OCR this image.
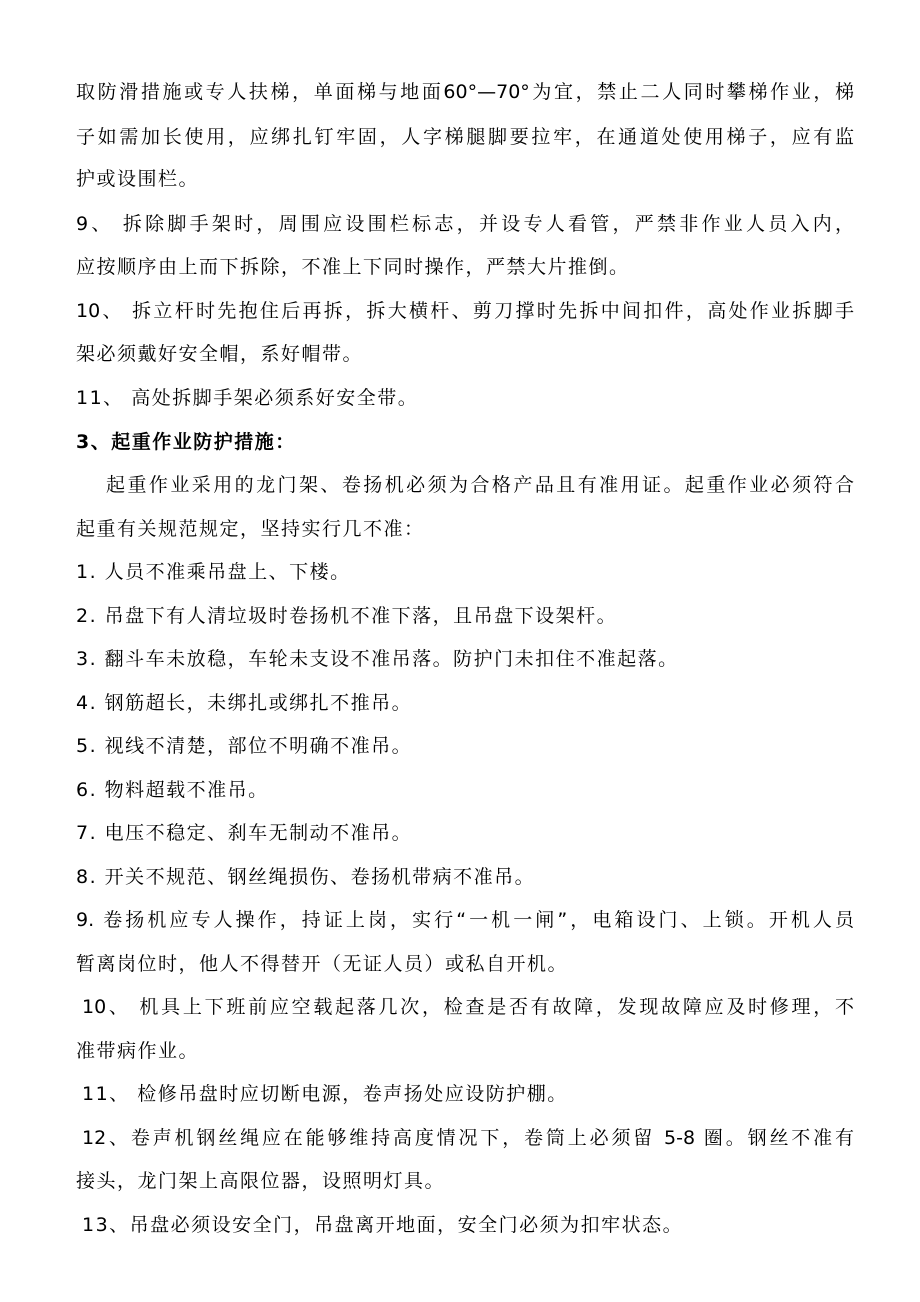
取防滑措施或专人扶梯，单面梯与地面60°—70°为宜，禁止二人同时攀梯作业，梯
子如需加长使用，应绑扎钉牢固，人字梯腿脚要拉牢，在通道处使用梯子，应有监
护或设围栏。
9、 拆除脚手架时，周围应设围栏标志，并设专人看管，严禁非作业人员入内，
应按顺序由上而下拆除，不准上下同时操作，严禁大片推倒。
10、 拆立杆时先抱住后再拆，拆大横杆、剪刀撑时先拆中间扣件，高处作业拆脚手
架必须戴好安全帽，系好帽带。
11、 高处拆脚手架必须系好安全带。
3、起重作业防护措施：
起重作业采用的龙门架、卷扬机必须为合格产品且有准用证。起重作业必须符合
起重有关规范规定，坚持实行几不准：
1. 人员不准乘吊盘上、下楼。
2. 吊盘下有人清垃圾时卷扬机不准下落，且吊盘下设架杆。
3. 翻斗车未放稳，车轮未支设不准吊落。防护门未扣住不准起落。
4. 钢筋超长，未绑扎或绑扎不推吊。
5. 视线不清楚，部位不明确不准吊。
6. 物料超载不准吊。
7. 电压不稳定、刹车无制动不准吊。
8. 开关不规范、钢丝绳损伤、卷扬机带病不准吊。
9. 卷扬机应专人操作，持证上岗，实行“一机一闸”，电箱设门、上锁。开机人员
暂离岗位时，他人不得替开（无证人员）或私自开机。
10、 机具上下班前应空载起落几次，检查是否有故障，发现故障应及时修理，不
准带病作业。
11、 检修吊盘时应切断电源，卷声扬处应设防护棚。
12、卷声机钢丝绳应在能够维持高度情况下，卷筒上必须留 5-8 圈。钢丝不准有
接头，龙门架上高限位器，设照明灯具。
13、吊盘必须设安全门，吊盘离开地面，安全门必须为扣牢状态。
